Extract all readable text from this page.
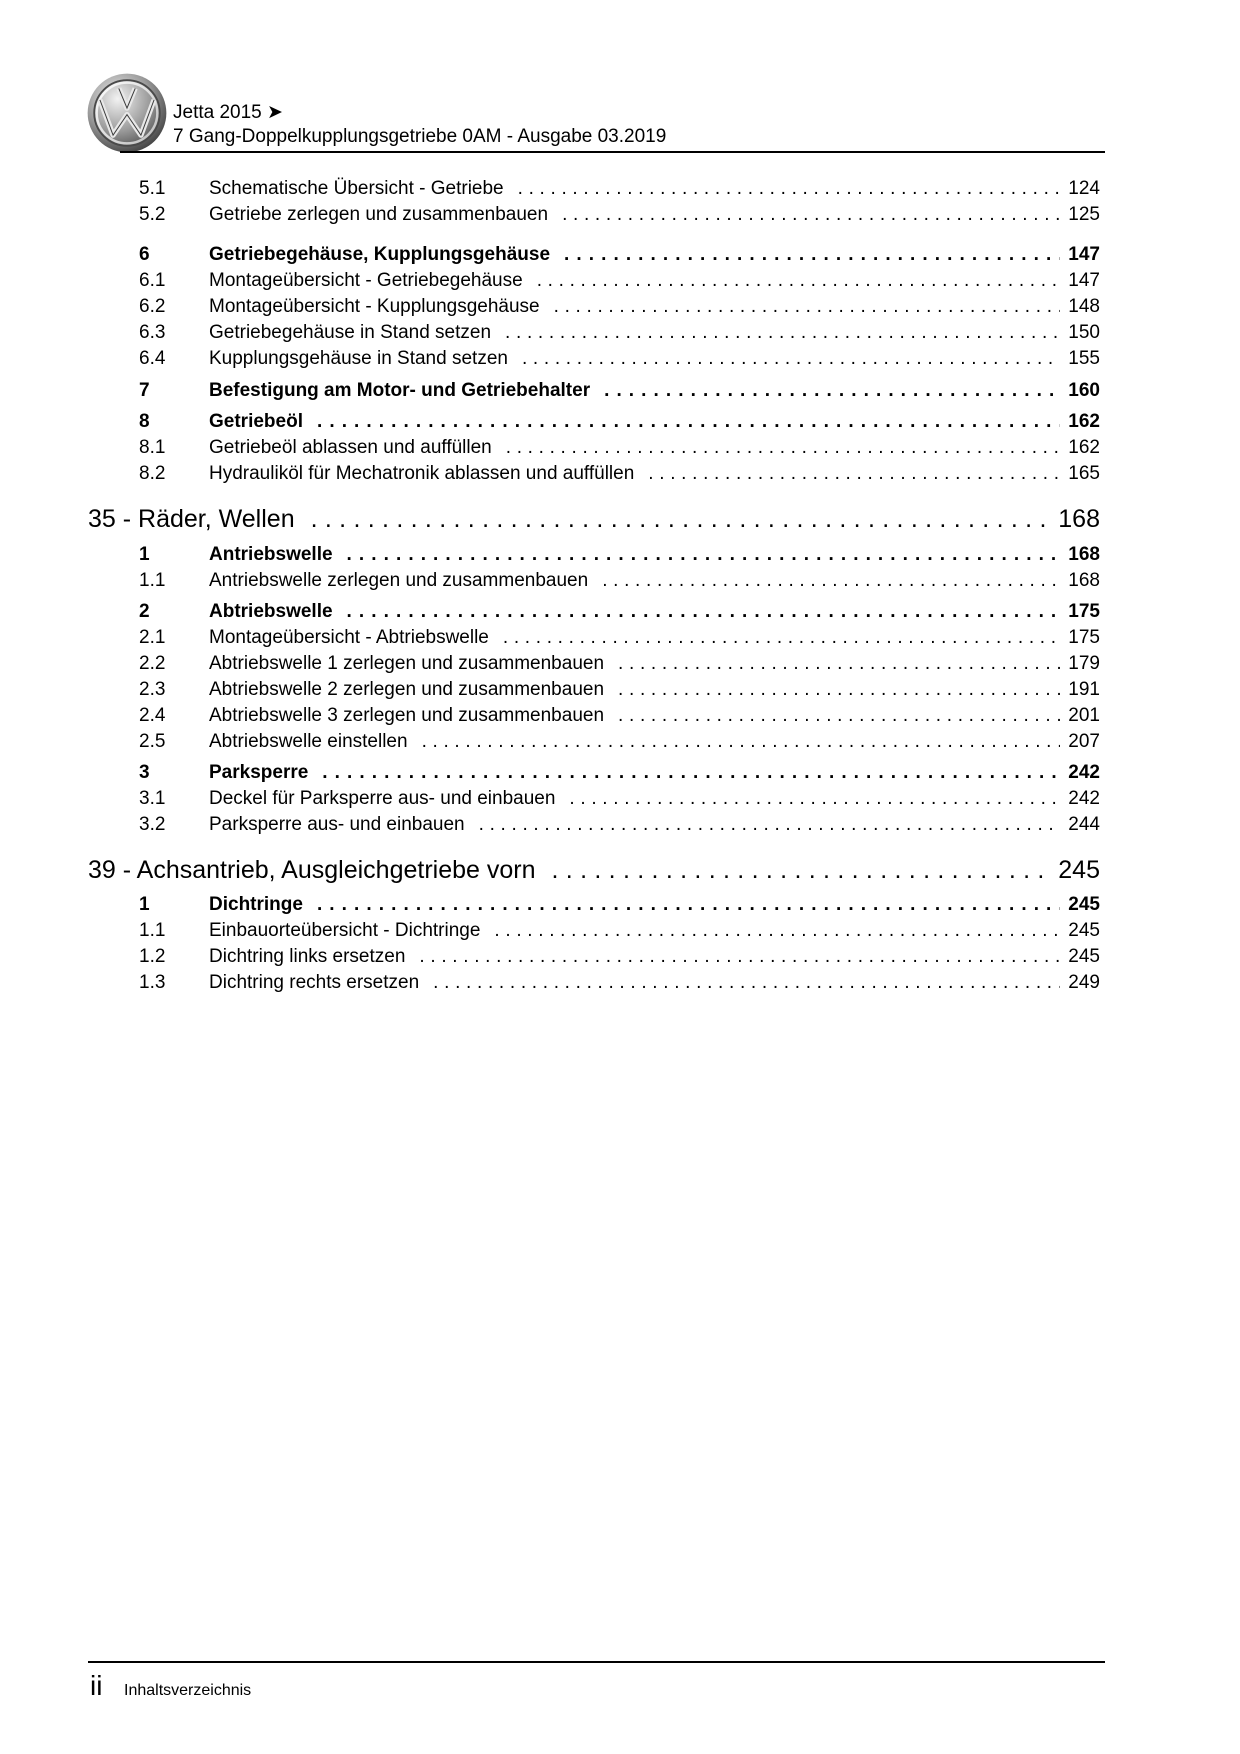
Jetta 2015 ➤
7 Gang-Doppelkupplungsgetriebe 0AM - Ausgabe 03.2019
5.1	Schematische Übersicht - Getriebe . . .	124
5.2	Getriebe zerlegen und zusammenbauen . . .	125
6	Getriebegehäuse, Kupplungsgehäuse . . .	147
6.1	Montageübersicht - Getriebegehäuse . . .	147
6.2	Montageübersicht - Kupplungsgehäuse . . .	148
6.3	Getriebegehäuse in Stand setzen . . .	150
6.4	Kupplungsgehäuse in Stand setzen . . .	155
7	Befestigung am Motor- und Getriebehalter . . .	160
8	Getriebeöl . . .	162
8.1	Getriebeöl ablassen und auffüllen . . .	162
8.2	Hydrauliköl für Mechatronik ablassen und auffüllen . . .	165
35 - Räder, Wellen . . .	168
1	Antriebswelle . . .	168
1.1	Antriebswelle zerlegen und zusammenbauen . . .	168
2	Abtriebswelle . . .	175
2.1	Montageübersicht - Abtriebswelle . . .	175
2.2	Abtriebswelle 1 zerlegen und zusammenbauen . . .	179
2.3	Abtriebswelle 2 zerlegen und zusammenbauen . . .	191
2.4	Abtriebswelle 3 zerlegen und zusammenbauen . . .	201
2.5	Abtriebswelle einstellen . . .	207
3	Parksperre . . .	242
3.1	Deckel für Parksperre aus- und einbauen . . .	242
3.2	Parksperre aus- und einbauen . . .	244
39 - Achsantrieb, Ausgleichgetriebe vorn . . .	245
1	Dichtringe . . .	245
1.1	Einbauorteübersicht - Dichtringe . . .	245
1.2	Dichtring links ersetzen . . .	245
1.3	Dichtring rechts ersetzen . . .	249
ii Inhaltsverzeichnis
